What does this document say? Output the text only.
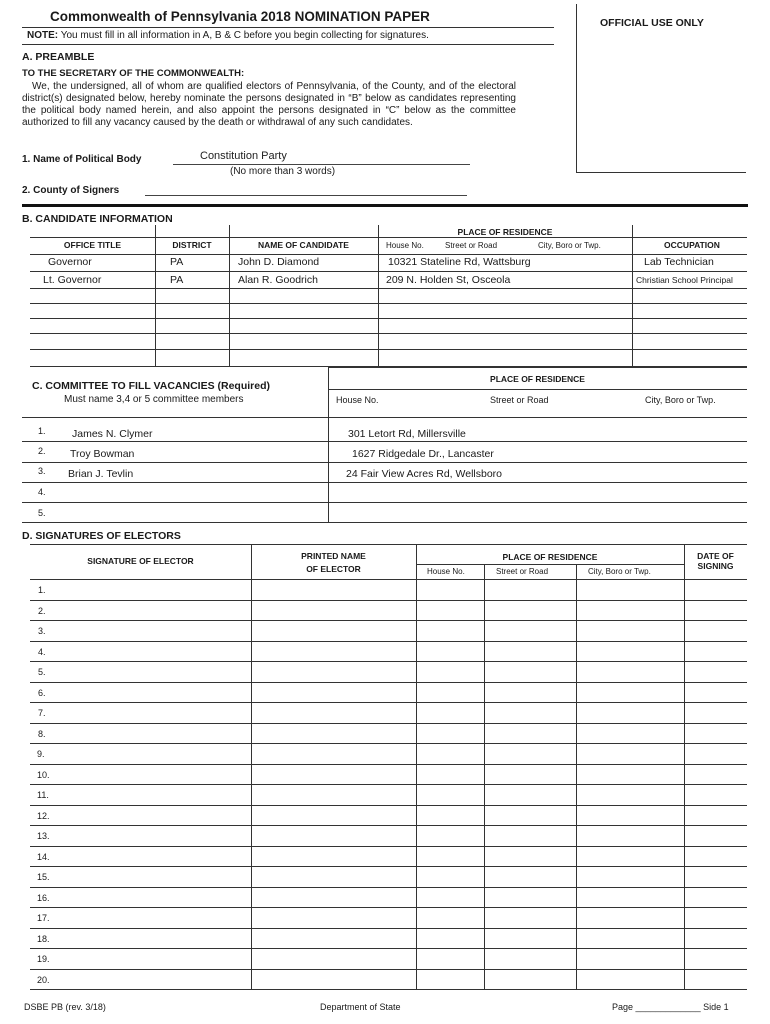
Commonwealth of Pennsylvania 2018 NOMINATION PAPER
NOTE: You must fill in all information in A, B & C before you begin collecting for signatures.
OFFICIAL USE ONLY
A. PREAMBLE
TO THE SECRETARY OF THE COMMONWEALTH:
We, the undersigned, all of whom are qualified electors of Pennsylvania, of the County, and of the electoral district(s) designated below, hereby nominate the persons designated in “B” below as candidates representing the political body named herein, and also appoint the persons designated in “C” below as the committee authorized to fill any vacancy caused by the death or withdrawal of any such candidates.
1. Name of Political Body	Constitution Party
(No more than 3 words)
2. County of Signers
B. CANDIDATE INFORMATION
OFFICE TITLE	DISTRICT	NAME OF CANDIDATE
PLACE OF RESIDENCE
House No.	Street or Road	City, Boro or Twp.	OCCUPATION
Governor	PA	John D. Diamond	10321 Stateline Rd, Wattsburg	Lab Technician
Lt. Governor	PA	Alan R. Goodrich	209 N. Holden St, Osceola	Christian School Principal
C. COMMITTEE TO FILL VACANCIES (Required)
Must name 3,4 or 5 committee members
PLACE OF RESIDENCE
House No.	Street or Road	City, Boro or Twp.
1.	James N. Clymer	301 Letort Rd, Millersville
2. Troy Bowman	1627 Ridgedale Dr., Lancaster
3. Brian J. Tevlin	24 Fair View Acres Rd, Wellsboro
4.
5.
D. SIGNATURES OF ELECTORS
SIGNATURE OF ELECTOR	PRINTED NAME
OF ELECTOR
PLACE OF RESIDENCE
House No.	Street or Road	City, Boro or Twp.
DATE OF
SIGNING
1.
2.
3.
4.
5.
6.
7.
8.
9.
10.
11.
12.
13.
14.
15.
16.
17.
18.
19.
20.
DSBE PB (rev. 3/18)	Department of State	Page _____________ Side 1
